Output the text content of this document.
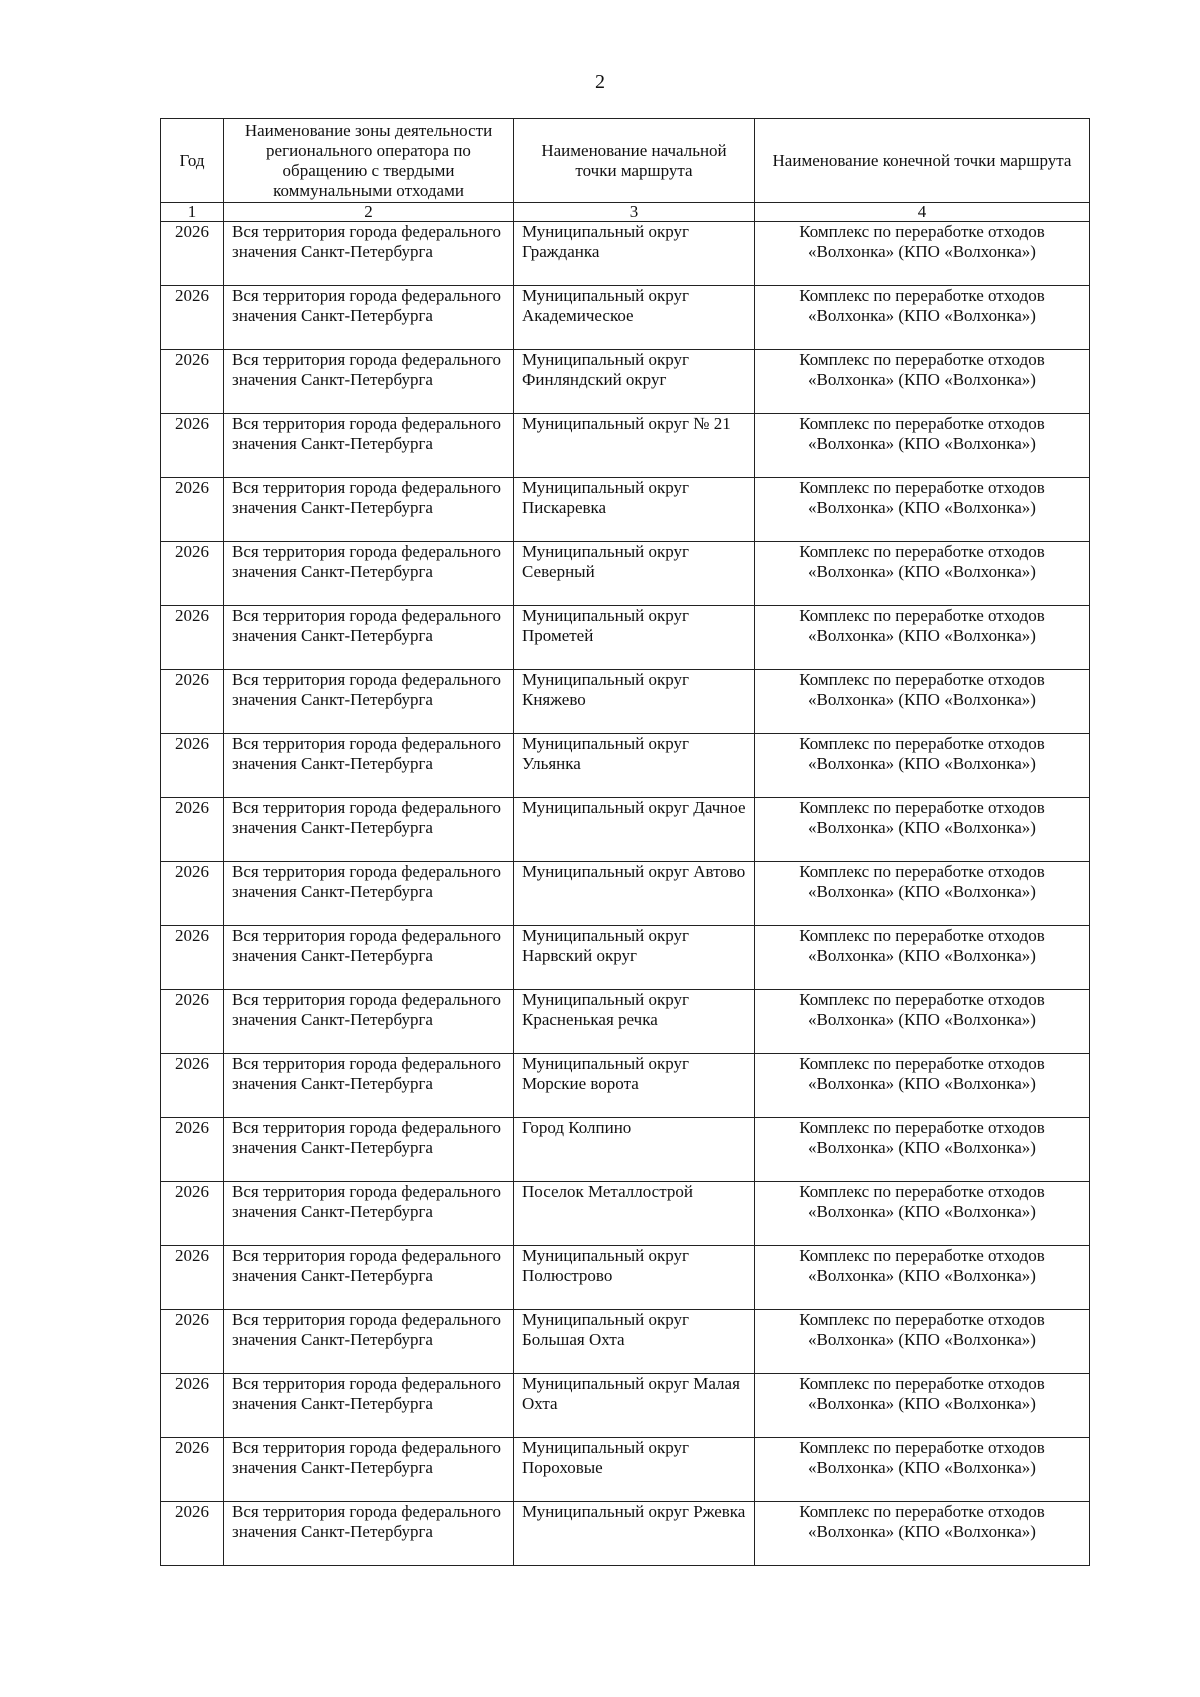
2
Год	Наименование зоны деятельности регионального оператора по обращению с твердыми коммунальными отходами	Наименование начальной точки маршрута	Наименование конечной точки маршрута
1	2	3	4
2026	Вся территория города федерального значения Санкт-Петербурга	Муниципальный округ Гражданка	Комплекс по переработке отходов «Волхонка» (КПО «Волхонка»)
2026	Вся территория города федерального значения Санкт-Петербурга	Муниципальный округ Академическое	Комплекс по переработке отходов «Волхонка» (КПО «Волхонка»)
2026	Вся территория города федерального значения Санкт-Петербурга	Муниципальный округ Финляндский округ	Комплекс по переработке отходов «Волхонка» (КПО «Волхонка»)
2026	Вся территория города федерального значения Санкт-Петербурга	Муниципальный округ № 21	Комплекс по переработке отходов «Волхонка» (КПО «Волхонка»)
2026	Вся территория города федерального значения Санкт-Петербурга	Муниципальный округ Пискаревка	Комплекс по переработке отходов «Волхонка» (КПО «Волхонка»)
2026	Вся территория города федерального значения Санкт-Петербурга	Муниципальный округ Северный	Комплекс по переработке отходов «Волхонка» (КПО «Волхонка»)
2026	Вся территория города федерального значения Санкт-Петербурга	Муниципальный округ Прометей	Комплекс по переработке отходов «Волхонка» (КПО «Волхонка»)
2026	Вся территория города федерального значения Санкт-Петербурга	Муниципальный округ Княжево	Комплекс по переработке отходов «Волхонка» (КПО «Волхонка»)
2026	Вся территория города федерального значения Санкт-Петербурга	Муниципальный округ Ульянка	Комплекс по переработке отходов «Волхонка» (КПО «Волхонка»)
2026	Вся территория города федерального значения Санкт-Петербурга	Муниципальный округ Дачное	Комплекс по переработке отходов «Волхонка» (КПО «Волхонка»)
2026	Вся территория города федерального значения Санкт-Петербурга	Муниципальный округ Автово	Комплекс по переработке отходов «Волхонка» (КПО «Волхонка»)
2026	Вся территория города федерального значения Санкт-Петербурга	Муниципальный округ Нарвский округ	Комплекс по переработке отходов «Волхонка» (КПО «Волхонка»)
2026	Вся территория города федерального значения Санкт-Петербурга	Муниципальный округ Красненькая речка	Комплекс по переработке отходов «Волхонка» (КПО «Волхонка»)
2026	Вся территория города федерального значения Санкт-Петербурга	Муниципальный округ Морские ворота	Комплекс по переработке отходов «Волхонка» (КПО «Волхонка»)
2026	Вся территория города федерального значения Санкт-Петербурга	Город Колпино	Комплекс по переработке отходов «Волхонка» (КПО «Волхонка»)
2026	Вся территория города федерального значения Санкт-Петербурга	Поселок Металлострой	Комплекс по переработке отходов «Волхонка» (КПО «Волхонка»)
2026	Вся территория города федерального значения Санкт-Петербурга	Муниципальный округ Полюстрово	Комплекс по переработке отходов «Волхонка» (КПО «Волхонка»)
2026	Вся территория города федерального значения Санкт-Петербурга	Муниципальный округ Большая Охта	Комплекс по переработке отходов «Волхонка» (КПО «Волхонка»)
2026	Вся территория города федерального значения Санкт-Петербурга	Муниципальный округ Малая Охта	Комплекс по переработке отходов «Волхонка» (КПО «Волхонка»)
2026	Вся территория города федерального значения Санкт-Петербурга	Муниципальный округ Пороховые	Комплекс по переработке отходов «Волхонка» (КПО «Волхонка»)
2026	Вся территория города федерального значения Санкт-Петербурга	Муниципальный округ Ржевка	Комплекс по переработке отходов «Волхонка» (КПО «Волхонка»)
